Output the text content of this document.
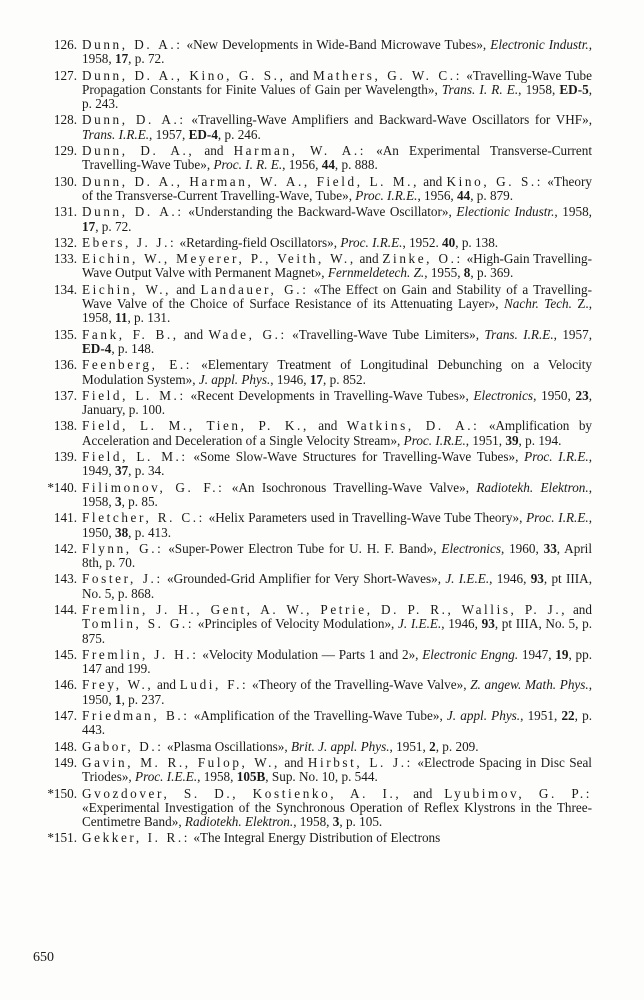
126. Dunn, D. A.: «New Developments in Wide-Band Microwave Tubes», Electronic Industr., 1958, 17, p. 72.
127. Dunn, D. A., Kino, G. S., and Mathers, G. W. C.: «Travelling-Wave Tube Propagation Constants for Finite Values of Gain per Wavelength», Trans. I. R. E., 1958, ED-5, p. 243.
128. Dunn, D. A.: «Travelling-Wave Amplifiers and Backward-Wave Oscillators for VHF», Trans. I.R.E., 1957, ED-4, p. 246.
129. Dunn, D. A., and Harman, W. A.: «An Experimental Transverse-Current Travelling-Wave Tube», Proc. I. R. E., 1956, 44, p. 888.
130. Dunn, D. A., Harman, W. A., Field, L. M., and Kino, G. S.: «Theory of the Transverse-Current Travelling-Wave, Tube», Proc. I.R.E., 1956, 44, p. 879.
131. Dunn, D. A.: «Understanding the Backward-Wave Oscillator», Electionic Industr., 1958, 17, p. 72.
132. Ebers, J. J.: «Retarding-field Oscillators», Proc. I.R.E., 1952. 40, p. 138.
133. Eichin, W., Meyerer, P., Veith, W., and Zinke, O.: «High-Gain Travelling-Wave Output Valve with Permanent Magnet», Fernmeldetech. Z., 1955, 8, p. 369.
134. Eichin, W., and Landauer, G.: «The Effect on Gain and Stability of a Travelling-Wave Valve of the Choice of Surface Resistance of its Attenuating Layer», Nachr. Tech. Z., 1958, 11, p. 131.
135. Fank, F. B., and Wade, G.: «Travelling-Wave Tube Limiters», Trans. I.R.E., 1957, ED-4, p. 148.
136. Feenberg, E.: «Elementary Treatment of Longitudinal Debunching on a Velocity Modulation System», J. appl. Phys., 1946, 17, p. 852.
137. Field, L. M.: «Recent Developments in Travelling-Wave Tubes», Electronics, 1950, 23, January, p. 100.
138. Field, L. M., Tien, P. K., and Watkins, D. A.: «Amplification by Acceleration and Deceleration of a Single Velocity Stream», Proc. I.R.E., 1951, 39, p. 194.
139. Field, L. M.: «Some Slow-Wave Structures for Travelling-Wave Tubes», Proc. I.R.E., 1949, 37, p. 34.
*140. Filimonov, G. F.: «An Isochronous Travelling-Wave Valve», Radiotekh. Elektron., 1958, 3, p. 85.
141. Fletcher, R. C.: «Helix Parameters used in Travelling-Wave Tube Theory», Proc. I.R.E., 1950, 38, p. 413.
142. Flynn, G.: «Super-Power Electron Tube for U. H. F. Band», Electronics, 1960, 33, April 8th, p. 70.
143. Foster, J.: «Grounded-Grid Amplifier for Very Short-Waves», J. I.E.E., 1946, 93, pt IIIA, No. 5, p. 868.
144. Fremlin, J. H., Gent, A. W., Petrie, D. P. R., Wallis, P. J., and Tomlin, S. G.: «Principles of Velocity Modulation», J. I.E.E., 1946, 93, pt IIIA, No. 5, p. 875.
145. Fremlin, J. H.: «Velocity Modulation — Parts 1 and 2», Electronic Engng. 1947, 19, pp. 147 and 199.
146. Frey, W., and Ludi, F.: «Theory of the Travelling-Wave Valve», Z. angew. Math. Phys., 1950, 1, p. 237.
147. Friedman, B.: «Amplification of the Travelling-Wave Tube», J. appl. Phys., 1951, 22, p. 443.
148. Gabor, D.: «Plasma Oscillations», Brit. J. appl. Phys., 1951, 2, p. 209.
149. Gavin, M. R., Fulop, W., and Hirbst, L. J.: «Electrode Spacing in Disc Seal Triodes», Proc. I.E.E., 1958, 105B, Sup. No. 10, p. 544.
*150. Gvozdover, S. D., Kostienko, A. I., and Lyubimov, G. P.: «Experimental Investigation of the Synchronous Operation of Reflex Klystrons in the Three-Centimetre Band», Radiotekh. Elektron., 1958, 3, p. 105.
*151. Gekker, I. R.: «The Integral Energy Distribution of Electrons
650
